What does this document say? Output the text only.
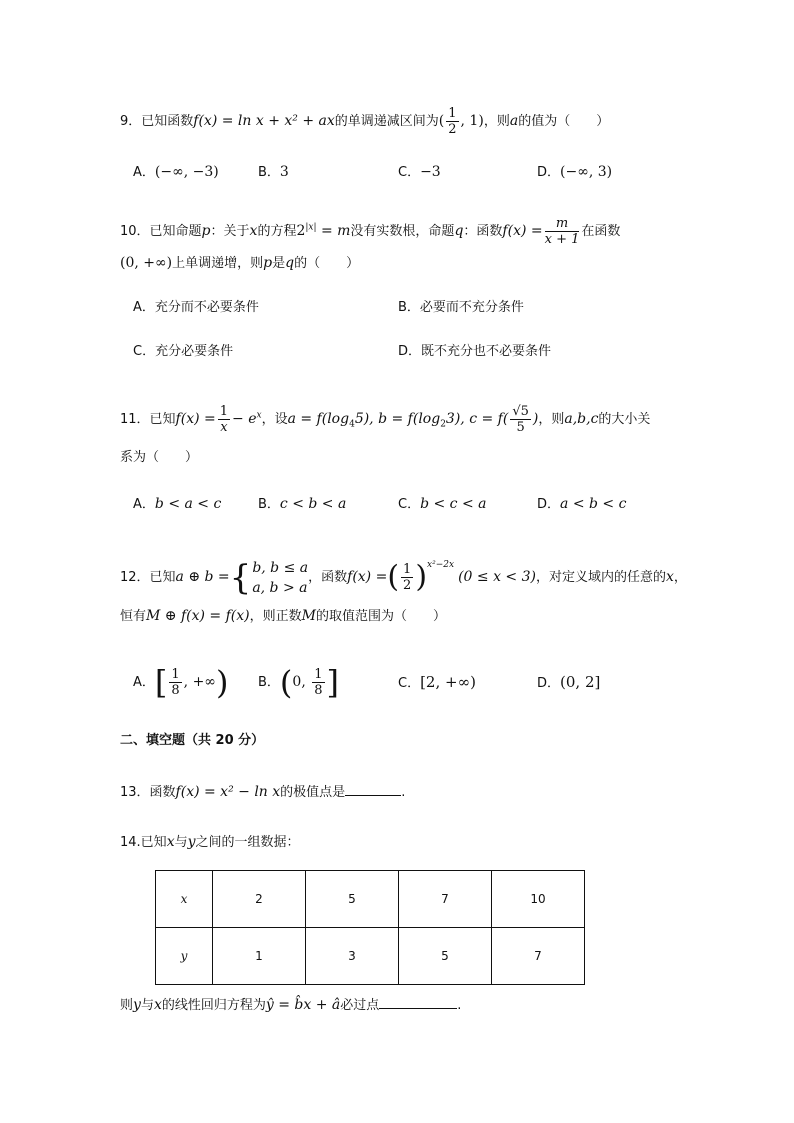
9．已知函数f(x) = ln x + x² + ax的单调递减区间为( $\frac{1}{2}$ , 1)，则a的值为（　　）
A．(−∞, −3)	B．3	C．−3	D．(−∞, 3)
10．已知命题p：关于x的方程$2^{|x|} = m$没有实数根，命题q：函数$f(x) = \frac{m}{x + 1}$ 在函数
(0, +∞)上单调递增，则p是q的（　　）
A．充分而不必要条件	B．必要而不充分条件
C．充分必要条件	D．既不充分也不必要条件
11．已知$f(x) = \frac{1}{x} - e^x$，设$a = f(\log_45)$, $b = f(\log_23)$, $c = f( \frac{√5}{5}$ )，则a,b,c的大小关
系为（　　）
A．b < a < c	B．c < b < a	C．b < c < a	D．a < b < c
12．已知a ⊕ b ={ b, b ≤ a
a, b > a
，函数f(x) =( $\frac{1}{2} )^{x^2-2x}(0 \le x < 3)$，对定义域内的任意的x，
恒有M ⊕ f(x) = f(x)，则正数M的取值范围为（　　）
A．[ $\frac{1}{8}$ , +∞) B．(0, $\frac{1}{8}$ ]	C．[2, +∞)	D．(0, 2]
二、填空题（共 20 分）
13．函数f(x) = x² − ln x的极值点是	.
14.已知x与y之间的一组数据：
x	2	5	7	10
y	1	3	5	7
则y与x的线性回归方程为ŷ = b̂x + â必过点	.
